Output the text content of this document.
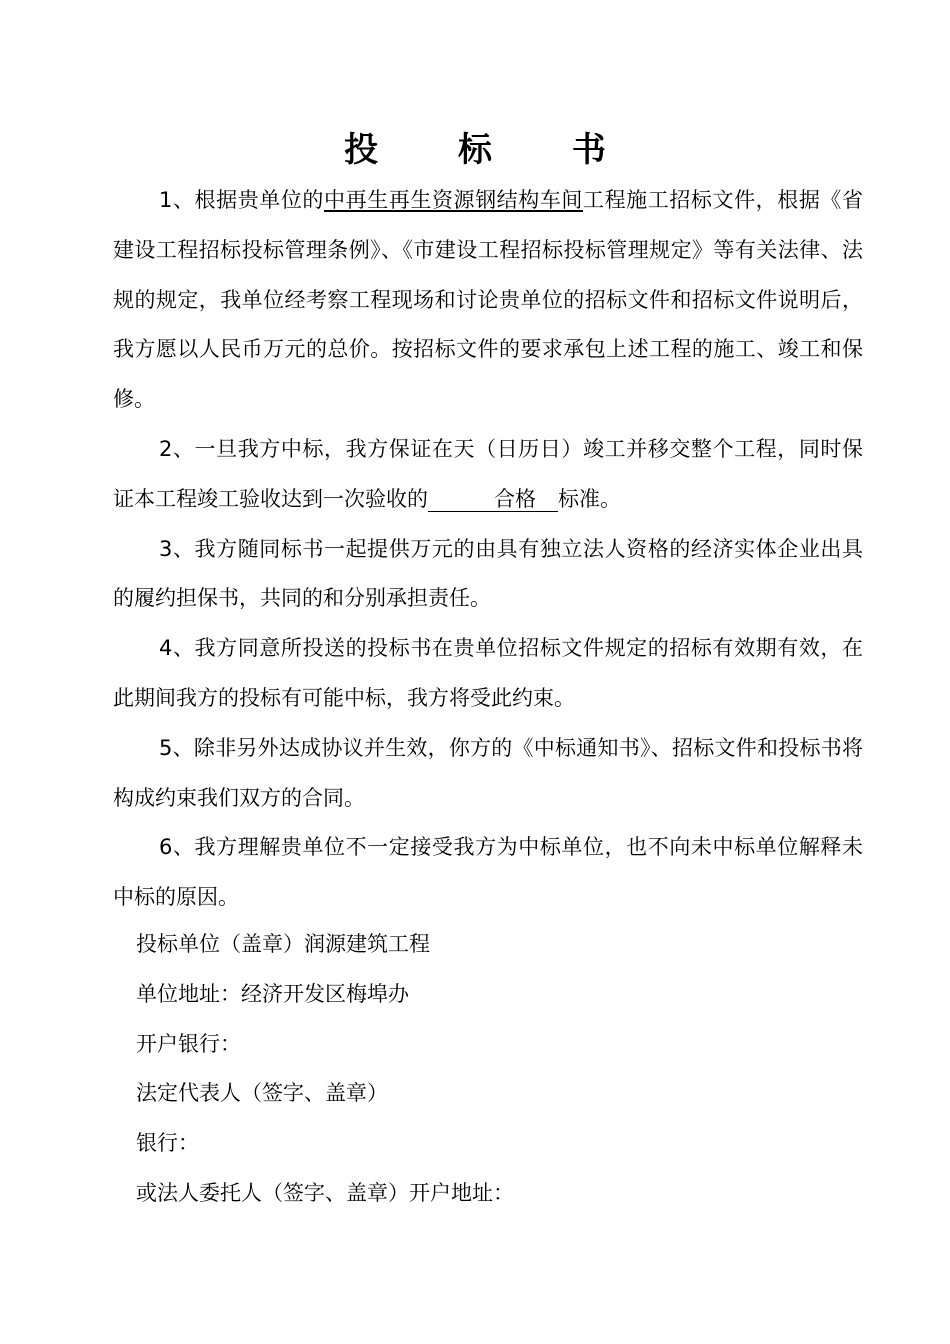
投 标 书

1、根据贵单位的中再生再生资源钢结构车间工程施工招标文件，根据《省建设工程招标投标管理条例》、《市建设工程招标投标管理规定》等有关法律、法规的规定，我单位经考察工程现场和讨论贵单位的招标文件和招标文件说明后，我方愿以人民币万元的总价。按招标文件的要求承包上述工程的施工、竣工和保修。

2、一旦我方中标，我方保证在天（日历日）竣工并移交整个工程，同时保证本工程竣工验收达到一次验收的	合格 标准。

3、我方随同标书一起提供万元的由具有独立法人资格的经济实体企业出具的履约担保书，共同的和分别承担责任。

4、我方同意所投送的投标书在贵单位招标文件规定的招标有效期有效，在此期间我方的投标有可能中标，我方将受此约束。

5、除非另外达成协议并生效，你方的《中标通知书》、招标文件和投标书将构成约束我们双方的合同。

6、我方理解贵单位不一定接受我方为中标单位，也不向未中标单位解释未中标的原因。

投标单位（盖章）润源建筑工程

单位地址：经济开发区梅埠办

开户银行：

法定代表人（签字、盖章）

银行：

或法人委托人（签字、盖章）开户地址：
